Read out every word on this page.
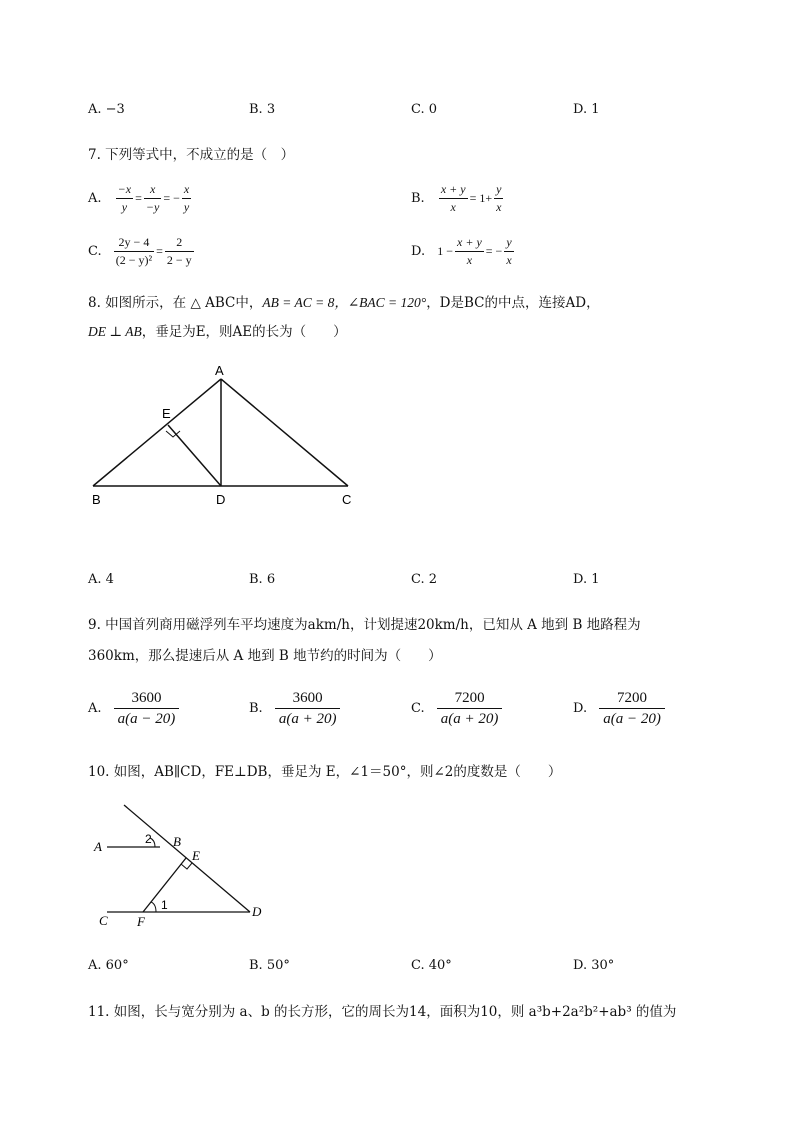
A. −3	B. 3	C. 0	D. 1
7. 下列等式中，不成立的是（　）
A. $\frac{-x}{y} = \frac{x}{-y}$ = − $\frac{x}{y}$	B. $\frac{x + y}{x} = 1+ \frac{y}{x}$
C. $\frac{2y - 4}{\text{(2 − y)²}} = \frac{2}{2 - y}$	D. $1 - \frac{x + y}{x}$ = − $\frac{y}{x}$
8. 如图所示，在 △ ABC中，AB = AC = 8，∠BAC = 120°，D是BC的中点，连接AD，
DE ⊥ AB，垂足为E，则AE的长为（　　）
A
E
B	D	C
A	B
E
C F
D
2
1
A. 4	B. 6	C. 2	D. 1
9. 中国首列商用磁浮列车平均速度为akm/h，计划提速20km/h，已知从 A 地到 B 地路程为
360km，那么提速后从 A 地到 B 地节约的时间为（　　）
A. $\frac{3600}{a(a - 20)}$	B. $\frac{3600}{a(a + 20)}$	C. $\frac{7200}{a(a + 20)}$	D. $\frac{7200}{a(a - 20)}$
10. 如图，AB∥CD，FE⊥DB，垂足为 E，∠1＝50°，则∠2的度数是（　　）
A. 60°	B. 50°	C. 40°	D. 30°
11. 如图，长与宽分别为 a、b 的长方形，它的周长为14，面积为10，则 a³b+2a²b²+ab³ 的值为
